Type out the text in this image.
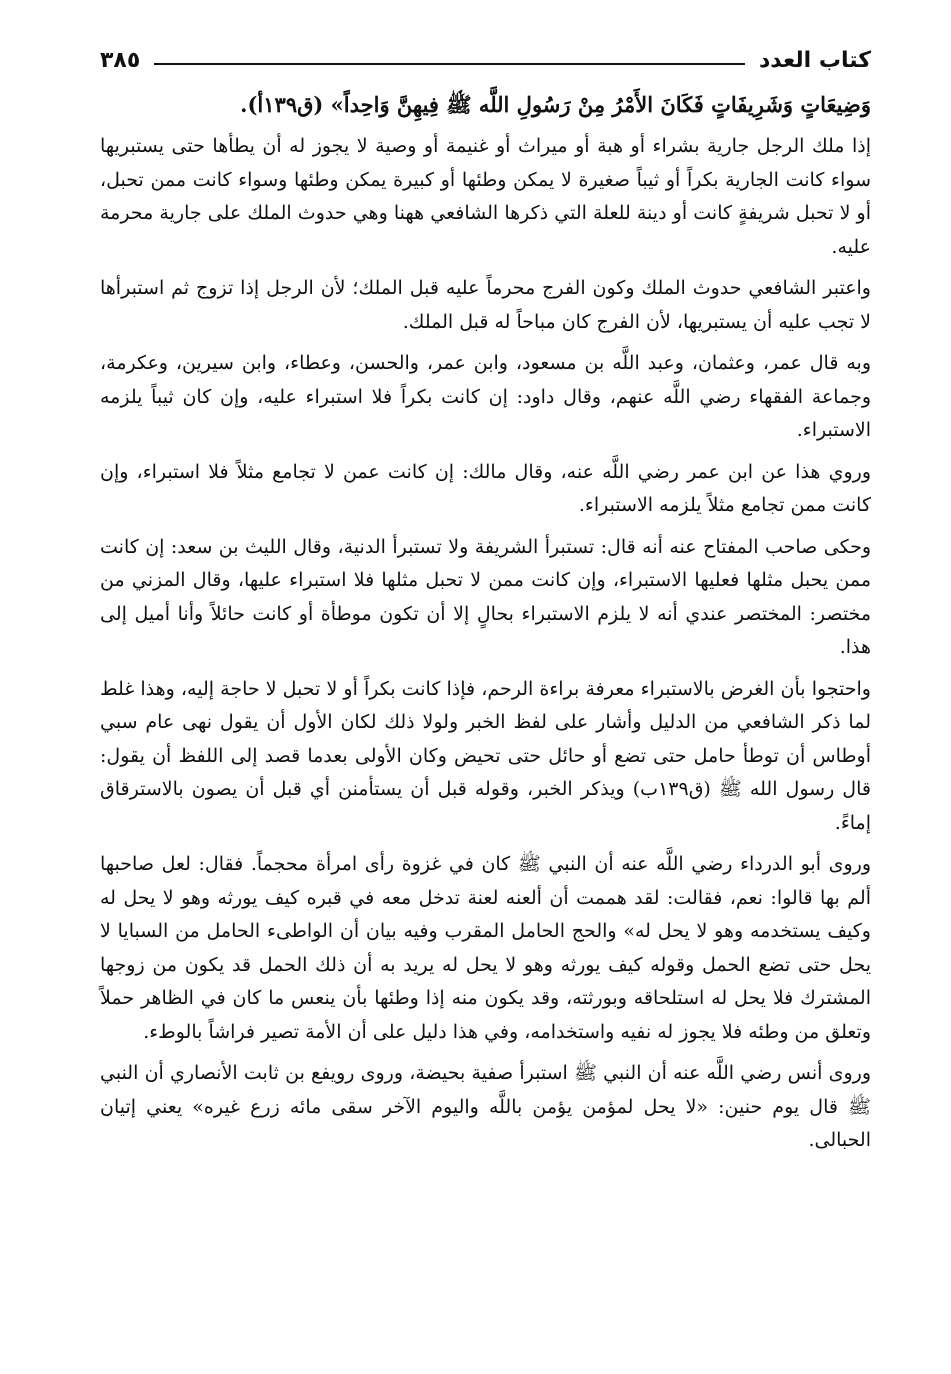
كتاب العدد
٣٨٥

وَضِيعَاتٍ وَشَرِيفَاتٍ فَكَانَ الأَمْرُ مِنْ رَسُولِ اللَّه ﷺ فِيهِنَّ وَاحِداً» (ق١٣٩أ).

إذا ملك الرجل جارية بشراء أو هبة أو ميراث أو غنيمة أو وصية لا يجوز له أن يطأها حتى يستبريها سواء كانت الجارية بكراً أو ثيباً صغيرة لا يمكن وطئها أو كبيرة يمكن وطئها وسواء كانت ممن تحبل، أو لا تحبل شريفةٍ كانت أو دينة للعلة التي ذكرها الشافعي ههنا وهي حدوث الملك على جارية محرمة عليه.

واعتبر الشافعي حدوث الملك وكون الفرج محرماً عليه قبل الملك؛ لأن الرجل إذا تزوج ثم استبرأها لا تجب عليه أن يستبريها، لأن الفرج كان مباحاً له قبل الملك.

وبه قال عمر، وعثمان، وعبد اللَّه بن مسعود، وابن عمر، والحسن، وعطاء، وابن سيرين، وعكرمة، وجماعة الفقهاء رضي اللَّه عنهم، وقال داود: إن كانت بكراً فلا استبراء عليه، وإن كان ثيباً يلزمه الاستبراء.

وروي هذا عن ابن عمر رضي اللَّه عنه، وقال مالك: إن كانت عمن لا تجامع مثلاً فلا استبراء، وإن كانت ممن تجامع مثلاً يلزمه الاستبراء.

وحكى صاحب المفتاح عنه أنه قال: تستبرأ الشريفة ولا تستبرأ الدنية، وقال الليث بن سعد: إن كانت ممن يحبل مثلها فعليها الاستبراء، وإن كانت ممن لا تحبل مثلها فلا استبراء عليها، وقال المزني من مختصر: المختصر عندي أنه لا يلزم الاستبراء بحالٍ إلا أن تكون موطأة أو كانت حائلاً وأنا أميل إلى هذا.

واحتجوا بأن الغرض بالاستبراء معرفة براءة الرحم، فإذا كانت بكراً أو لا تحبل لا حاجة إليه، وهذا غلط لما ذكر الشافعي من الدليل وأشار على لفظ الخبر ولولا ذلك لكان الأول أن يقول نهى عام سبي أوطاس أن توطأ حامل حتى تضع أو حائل حتى تحيض وكان الأولى بعدما قصد إلى اللفظ أن يقول: قال رسول الله ﷺ (ق١٣٩ب) ويذكر الخبر، وقوله قبل أن يستأمنن أي قبل أن يصون بالاسترقاق إماءً.

وروى أبو الدرداء رضي اللَّه عنه أن النبي ﷺ كان في غزوة رأى امرأة محجماً. فقال: لعل صاحبها ألم بها قالوا: نعم، فقالت: لقد هممت أن ألعنه لعنة تدخل معه في قبره كيف يورثه وهو لا يحل له وكيف يستخدمه وهو لا يحل له» والحج الحامل المقرب وفيه بيان أن الواطىء الحامل من السبايا لا يحل حتى تضع الحمل وقوله كيف يورثه وهو لا يحل له يريد به أن ذلك الحمل قد يكون من زوجها المشترك فلا يحل له استلحاقه وبورثته، وقد يكون منه إذا وطئها بأن ينعس ما كان في الظاهر حملاً وتعلق من وطئه فلا يجوز له نفيه واستخدامه، وفي هذا دليل على أن الأمة تصير فراشاً بالوطء.

وروى أنس رضي اللَّه عنه أن النبي ﷺ استبرأ صفية بحيضة، وروى رويفع بن ثابت الأنصاري أن النبي ﷺ قال يوم حنين: «لا يحل لمؤمن يؤمن باللَّه واليوم الآخر سقى مائه زرع غيره» يعني إتيان الحبالى.
